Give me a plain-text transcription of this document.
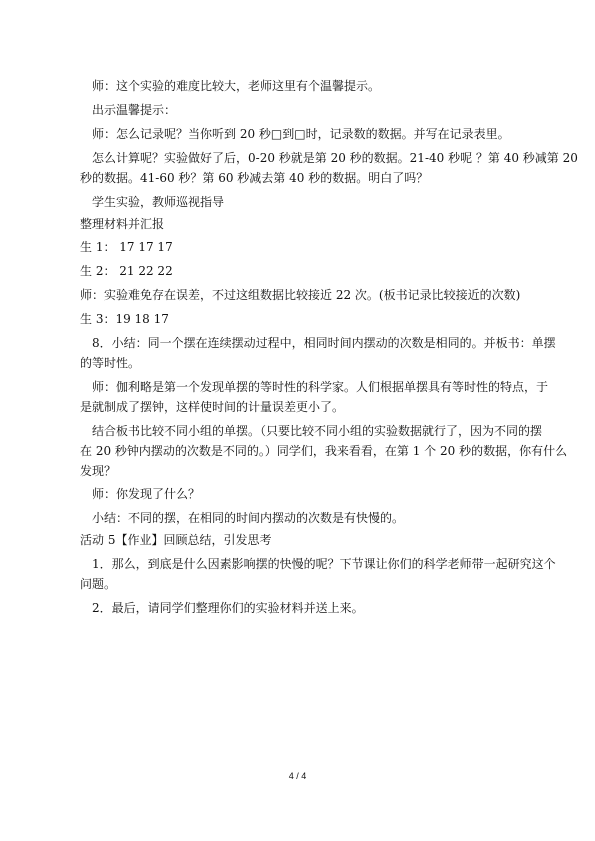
师：这个实验的难度比较大，老师这里有个温馨提示。
出示温馨提示：
师：怎么记录呢？当你听到 20 秒□到□时，记录数的数据。并写在记录表里。
怎么计算呢？实验做好了后，0-20 秒就是第 20 秒的数据。21-40 秒呢 ？第 40 秒减第 20
秒的数据。41-60 秒？第 60 秒减去第 40 秒的数据。明白了吗？
学生实验，教师巡视指导
整理材料并汇报
生 1： 17 17 17
生 2： 21 22 22
师：实验难免存在误差，不过这组数据比较接近 22 次。(板书记录比较接近的次数)
生 3：19 18 17
8．小结：同一个摆在连续摆动过程中，相同时间内摆动的次数是相同的。并板书：单摆
的等时性。
师：伽利略是第一个发现单摆的等时性的科学家。人们根据单摆具有等时性的特点，于
是就制成了摆钟，这样使时间的计量误差更小了。
结合板书比较不同小组的单摆。（只要比较不同小组的实验数据就行了，因为不同的摆
在 20 秒钟内摆动的次数是不同的。）同学们，我来看看，在第 1 个 20 秒的数据，你有什么
发现？
师：你发现了什么？
小结：不同的摆，在相同的时间内摆动的次数是有快慢的。
活动 5【作业】回顾总结，引发思考
1．那么，到底是什么因素影响摆的快慢的呢？下节课让你们的科学老师带一起研究这个
问题。
2．最后，请同学们整理你们的实验材料并送上来。
4 / 4
